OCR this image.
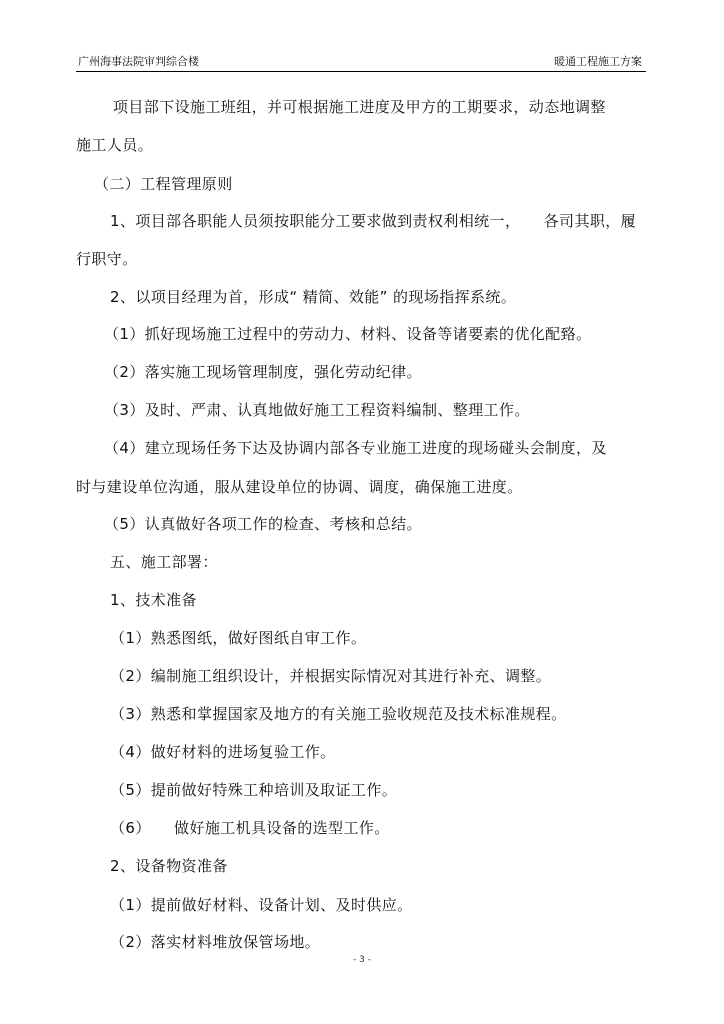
广州海事法院审判综合楼	暖通工程施工方案
项目部下设施工班组，并可根据施工进度及甲方的工期要求，动态地调整
施工人员。
（二）工程管理原则
1、项目部各职能人员须按职能分工要求做到责权利相统一，　　各司其职，履
行职守。
2、以项目经理为首，形成“ 精简、效能” 的现场指挥系统。
（1）抓好现场施工过程中的劳动力、材料、设备等诸要素的优化配臵。
（2）落实施工现场管理制度，强化劳动纪律。
（3）及时、严肃、认真地做好施工工程资料编制、整理工作。
（4）建立现场任务下达及协调内部各专业施工进度的现场碰头会制度，及
时与建设单位沟通，服从建设单位的协调、调度，确保施工进度。
（5）认真做好各项工作的检查、考核和总结。
五、施工部署：
1、技术准备
（1）熟悉图纸，做好图纸自审工作。
（2）编制施工组织设计，并根据实际情况对其进行补充、调整。
（3）熟悉和掌握国家及地方的有关施工验收规范及技术标准规程。
（4）做好材料的进场复验工作。
（5）提前做好特殊工种培训及取证工作。
（6）　　做好施工机具设备的选型工作。
2、设备物资准备
（1）提前做好材料、设备计划、及时供应。
（2）落实材料堆放保管场地。
- 3 -
